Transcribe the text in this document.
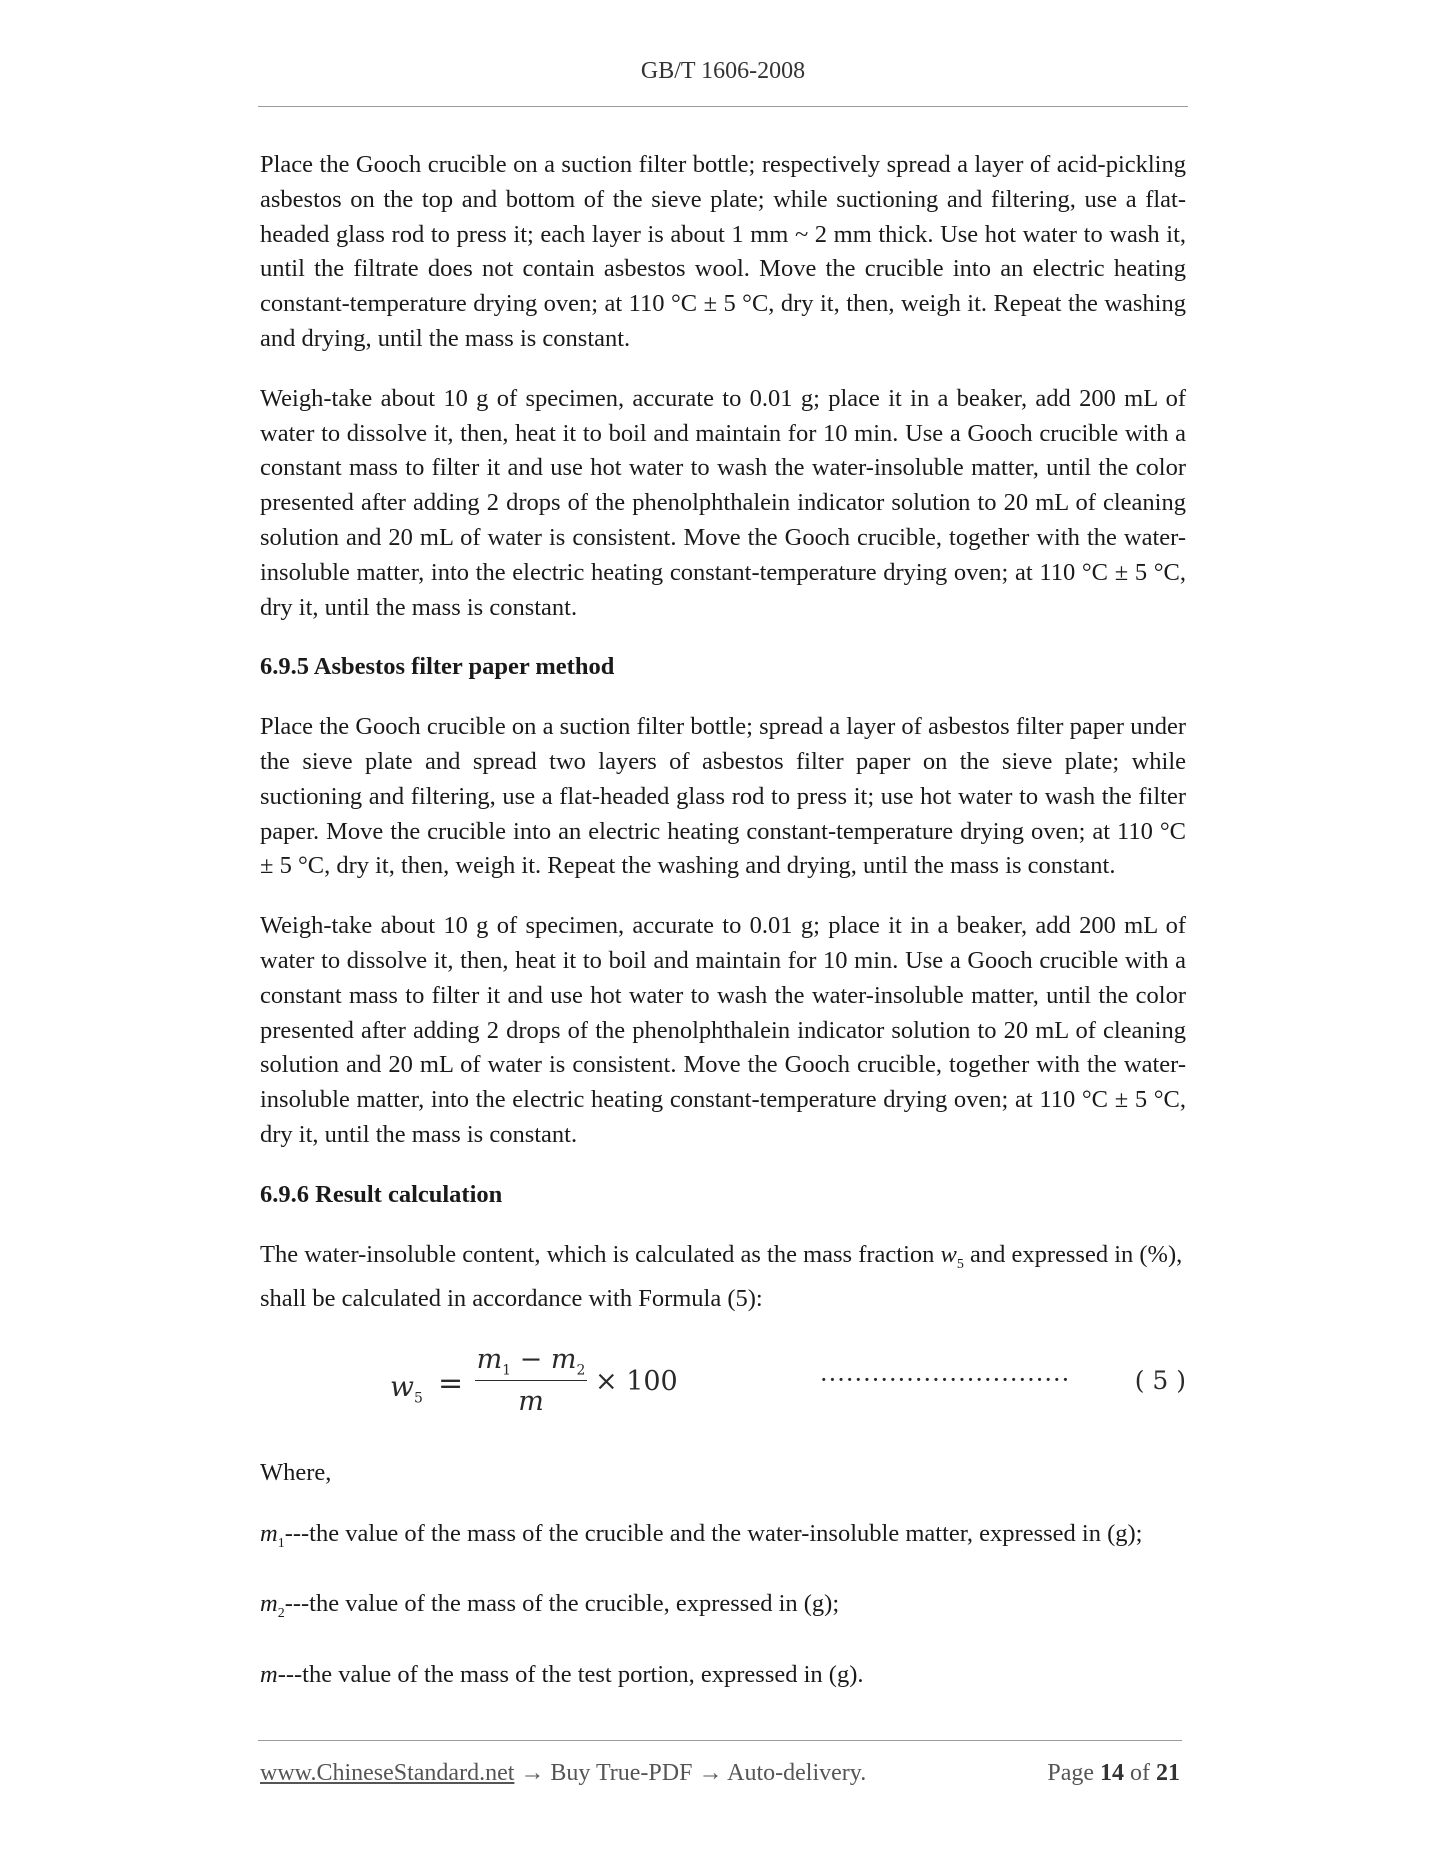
GB/T 1606-2008

Place the Gooch crucible on a suction filter bottle; respectively spread a layer of acid-pickling asbestos on the top and bottom of the sieve plate; while suctioning and filtering, use a flat-headed glass rod to press it; each layer is about 1 mm ~ 2 mm thick. Use hot water to wash it, until the filtrate does not contain asbestos wool. Move the crucible into an electric heating constant-temperature drying oven; at 110 °C ± 5 °C, dry it, then, weigh it. Repeat the washing and drying, until the mass is constant.

Weigh-take about 10 g of specimen, accurate to 0.01 g; place it in a beaker, add 200 mL of water to dissolve it, then, heat it to boil and maintain for 10 min. Use a Gooch crucible with a constant mass to filter it and use hot water to wash the water-insoluble matter, until the color presented after adding 2 drops of the phenolphthalein indicator solution to 20 mL of cleaning solution and 20 mL of water is consistent. Move the Gooch crucible, together with the water-insoluble matter, into the electric heating constant-temperature drying oven; at 110 °C ± 5 °C, dry it, until the mass is constant.

6.9.5 Asbestos filter paper method

Place the Gooch crucible on a suction filter bottle; spread a layer of asbestos filter paper under the sieve plate and spread two layers of asbestos filter paper on the sieve plate; while suctioning and filtering, use a flat-headed glass rod to press it; use hot water to wash the filter paper. Move the crucible into an electric heating constant-temperature drying oven; at 110 °C ± 5 °C, dry it, then, weigh it. Repeat the washing and drying, until the mass is constant.

Weigh-take about 10 g of specimen, accurate to 0.01 g; place it in a beaker, add 200 mL of water to dissolve it, then, heat it to boil and maintain for 10 min. Use a Gooch crucible with a constant mass to filter it and use hot water to wash the water-insoluble matter, until the color presented after adding 2 drops of the phenolphthalein indicator solution to 20 mL of cleaning solution and 20 mL of water is consistent. Move the Gooch crucible, together with the water-insoluble matter, into the electric heating constant-temperature drying oven; at 110 °C ± 5 °C, dry it, until the mass is constant.

6.9.6 Result calculation

The water-insoluble content, which is calculated as the mass fraction $w_5$ and expressed in (%), shall be calculated in accordance with Formula (5):

$w_5$ =
$m_1 - m_2$
m
× 100	·····························	( 5 )

Where,

$m_1--$-the value of the mass of the crucible and the water-insoluble matter, expressed in (g);

$m_2--$-the value of the mass of the crucible, expressed in (g);

m---the value of the mass of the test portion, expressed in (g).

www.ChineseStandard.net → Buy True-PDF → Auto-delivery.	Page 14 of 21
